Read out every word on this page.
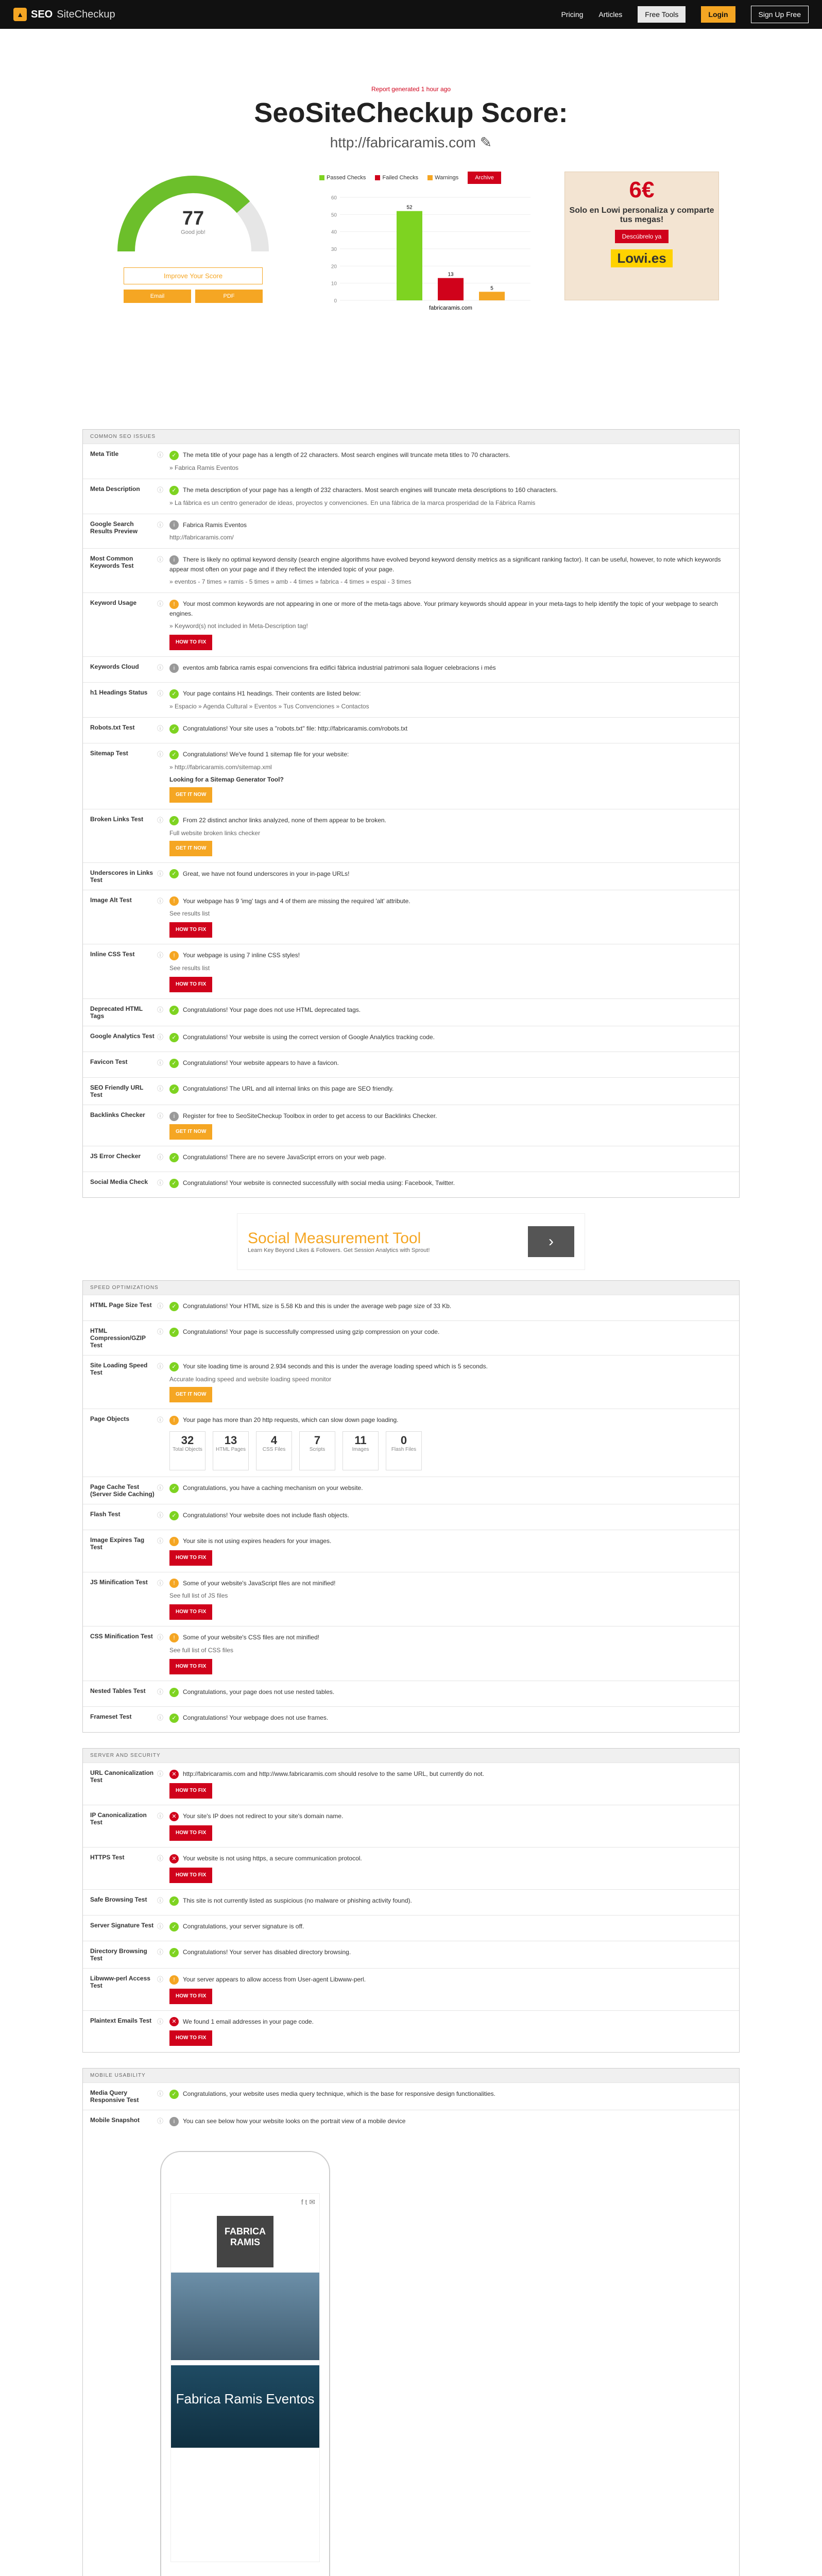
▲ SEO SiteCheckup	Pricing Articles	Free Tools	Login	Sign Up Free
Report generated 1 hour ago
SeoSiteCheckup Score:
http://fabricaramis.com ✎
77
Good job!
Improve Your Score
Email	PDF
Passed Checks	Failed Checks	Warnings	Archive
0
10
20
30
40
50
60
52
13
5
fabricaramis.com
6€
Solo en Lowi personaliza y comparte tus megas!
Descúbrelo ya
Lowi.es
COMMON SEO ISSUES
Meta Title	ⓘ	✓ The meta title of your page has a length of 22 characters. Most search engines will truncate meta titles to 70 characters.
» Fabrica Ramis Eventos
Meta Description	ⓘ	✓ The meta description of your page has a length of 232 characters. Most search engines will truncate meta descriptions to 160 characters.
» La fábrica es un centro generador de ideas, proyectos y convenciones. En una fábrica de la marca prosperidad de la Fábrica Ramis
Google Search Results Preview
ⓘ	i Fabrica Ramis Eventos
http://fabricaramis.com/
Most Common Keywords Test
ⓘ	i There is likely no optimal keyword density (search engine algorithms have evolved beyond keyword density metrics as a significant ranking factor). It can be useful, however, to note which keywords appear most often on your page and if they reflect the intended topic of your page.
» eventos - 7 times » ramis - 5 times » amb - 4 times » fabrica - 4 times » espai - 3 times
Keyword Usage	ⓘ	! Your most common keywords are not appearing in one or more of the meta-tags above. Your primary keywords should appear in your meta-tags to help identify the topic of your webpage to search engines.
» Keyword(s) not included in Meta-Description tag!
HOW TO FIX
Keywords Cloud	ⓘ	i eventos amb fabrica ramis espai convencions fira edifici fàbrica industrial patrimoni sala lloguer celebracions i més
h1 Headings Status	ⓘ	✓ Your page contains H1 headings. Their contents are listed below:
» Espacio » Agenda Cultural » Eventos » Tus Convenciones » Contactos
Robots.txt Test	ⓘ	✓ Congratulations! Your site uses a "robots.txt" file: http://fabricaramis.com/robots.txt
Sitemap Test	ⓘ	✓ Congratulations! We've found 1 sitemap file for your website:
» http://fabricaramis.com/sitemap.xml
Looking for a Sitemap Generator Tool?
GET IT NOW
Broken Links Test	ⓘ	✓ From 22 distinct anchor links analyzed, none of them appear to be broken.
Full website broken links checker
GET IT NOW
Underscores in Links Test
ⓘ	✓ Great, we have not found underscores in your in-page URLs!
Image Alt Test	ⓘ	! Your webpage has 9 'img' tags and 4 of them are missing the required 'alt' attribute.
See results list
HOW TO FIX
Inline CSS Test	ⓘ	! Your webpage is using 7 inline CSS styles!
See results list
HOW TO FIX
Deprecated HTML Tags
ⓘ	✓ Congratulations! Your page does not use HTML deprecated tags.
Google Analytics Test ⓘ	✓ Congratulations! Your website is using the correct version of Google Analytics tracking code.
Favicon Test	ⓘ	✓ Congratulations! Your website appears to have a favicon.
SEO Friendly URL Test
ⓘ	✓ Congratulations! The URL and all internal links on this page are SEO friendly.
Backlinks Checker	ⓘ	i Register for free to SeoSiteCheckup Toolbox in order to get access to our Backlinks Checker.
GET IT NOW
JS Error Checker	ⓘ	✓ Congratulations! There are no severe JavaScript errors on your web page.
Social Media Check	ⓘ	✓ Congratulations! Your website is connected successfully with social media using: Facebook, Twitter.
Social Measurement Tool
Learn Key Beyond Likes & Followers. Get Session Analytics with Sprout!
›
SPEED OPTIMIZATIONS
HTML Page Size Test ⓘ	✓ Congratulations! Your HTML size is 5.58 Kb and this is under the average web page size of 33 Kb.
HTML Compression/GZIP Test
ⓘ	✓ Congratulations! Your page is successfully compressed using gzip compression on your code.
Site Loading Speed Test
ⓘ	✓ Your site loading time is around 2.934 seconds and this is under the average loading speed which is 5 seconds.
Accurate loading speed and website loading speed monitor
GET IT NOW
Page Objects	ⓘ	! Your page has more than 20 http requests, which can slow down page loading.
32
Total Objects
13
HTML Pages
4
CSS Files
7
Scripts
11
Images
0
Flash Files
Page Cache Test (Server Side Caching)
ⓘ	✓ Congratulations, you have a caching mechanism on your website.
Flash Test	ⓘ	✓ Congratulations! Your website does not include flash objects.
Image Expires Tag Test
ⓘ	! Your site is not using expires headers for your images.
HOW TO FIX
JS Minification Test	ⓘ	! Some of your website's JavaScript files are not minified!
See full list of JS files
HOW TO FIX
CSS Minification Test ⓘ	! Some of your website's CSS files are not minified!
See full list of CSS files
HOW TO FIX
Nested Tables Test	ⓘ	✓ Congratulations, your page does not use nested tables.
Frameset Test	ⓘ	✓ Congratulations! Your webpage does not use frames.
SERVER AND SECURITY
URL Canonicalization Test
ⓘ	✕ http://fabricaramis.com and http://www.fabricaramis.com should resolve to the same URL, but currently do not.
HOW TO FIX
IP Canonicalization Test
ⓘ	✕ Your site's IP does not redirect to your site's domain name.
HOW TO FIX
HTTPS Test	ⓘ	✕ Your website is not using https, a secure communication protocol.
HOW TO FIX
Safe Browsing Test	ⓘ	✓ This site is not currently listed as suspicious (no malware or phishing activity found).
Server Signature Test ⓘ	✓ Congratulations, your server signature is off.
Directory Browsing Test
ⓘ	✓ Congratulations! Your server has disabled directory browsing.
Libwww-perl Access Test
ⓘ	! Your server appears to allow access from User-agent Libwww-perl.
HOW TO FIX
Plaintext Emails Test ⓘ	✕ We found 1 email addresses in your page code.
HOW TO FIX
MOBILE USABILITY
Media Query Responsive Test
ⓘ	✓ Congratulations, your website uses media query technique, which is the base for responsive design functionalities.
Mobile Snapshot	ⓘ	i You can see below how your website looks on the portrait view of a mobile device
f t ✉
FABRICA RAMIS
Fabrica Ramis Eventos
